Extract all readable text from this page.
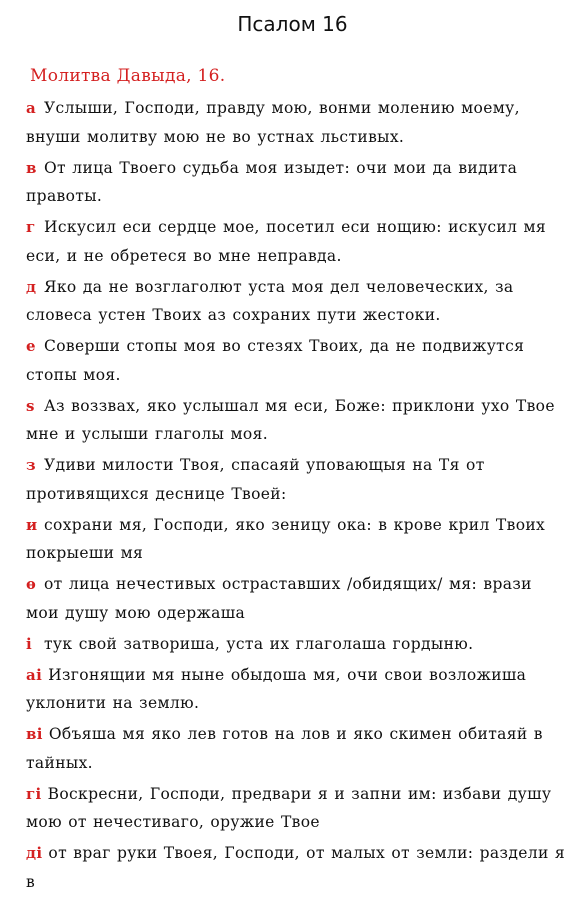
Псалом 16
Молитва Давыда, 16.
а Услыши, Господи, правду мою, вонми молению моему, внуши молитву мою не во устнах льстивых.
в От лица Твоего судьба моя изыдет: очи мои да видита правоты.
г Искусил еси сердце мое, посетил еси нощию: искусил мя еси, и не обретеся во мне неправда.
д Яко да не возглаголют уста моя дел человеческих, за словеса устен Твоих аз сохраних пути жестоки.
е Соверши стопы моя во стезях Твоих, да не подвижутся стопы моя.
ѕ Аз воззвах, яко услышал мя еси, Боже: приклони ухо Твое мне и услыши глаголы моя.
з Удиви милости Твоя, спасаяй уповающыя на Тя от противящихся деснице Твоей:
и сохрани мя, Господи, яко зеницу ока: в крове крил Твоих покрыеши мя
ѳ от лица нечестивых остраставших /обидящих/ мя: врази мои душу мою одержаша
і тук свой затвориша, уста их глаголаша гордыню.
аі Изгонящии мя ныне обыдоша мя, очи свои возложиша уклонити на землю.
ві Объяша мя яко лев готов на лов и яко скимен обитаяй в тайных.
гі Воскресни, Господи, предвари я и запни им: избави душу мою от нечестиваго, оружие Твое
ді от враг руки Твоея, Господи, от малых от земли: раздели я в
